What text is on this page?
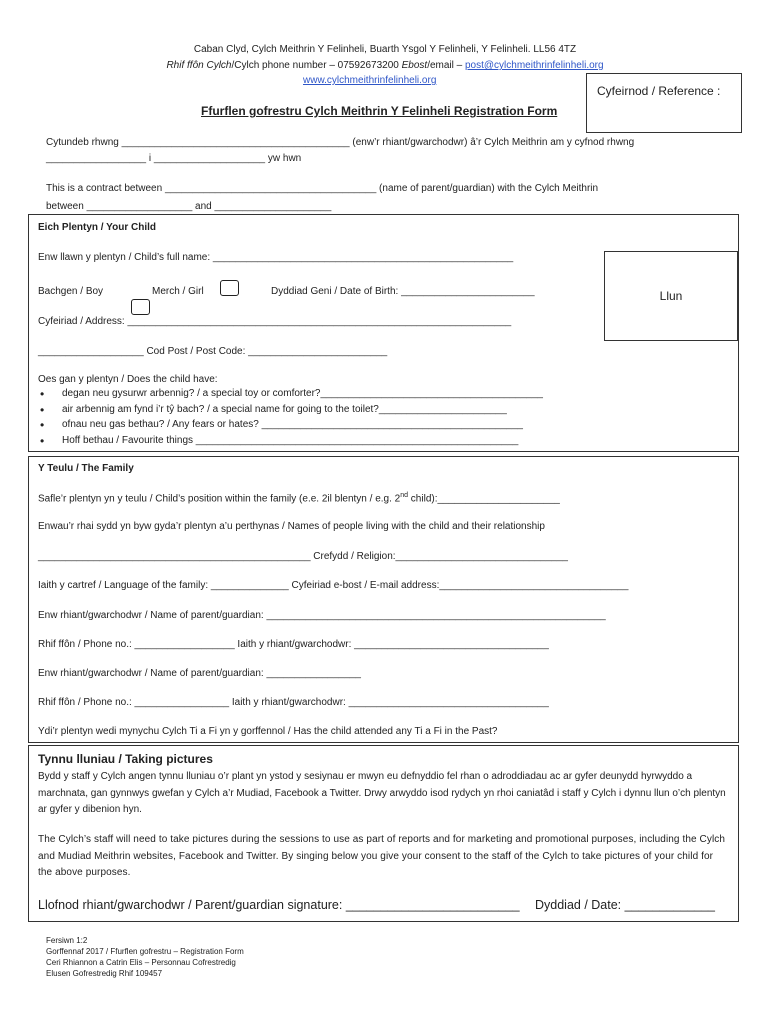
Caban Clyd, Cylch Meithrin Y Felinheli, Buarth Ysgol Y Felinheli, Y Felinheli. LL56 4TZ
Rhif ffôn Cylch/Cylch phone number – 07592673200 Ebost/email – post@cylchmeithrinfelinheli.org
www.cylchmeithrinfelinheli.org
Cyfeirnod / Reference :
Ffurflen gofrestru Cylch Meithrin Y Felinheli Registration Form
Cytundeb rhwng _________________________________________ (enw’r rhiant/gwarchodwr) â’r Cylch Meithrin am y cyfnod rhwng
__________________ i ____________________ yw hwn
This is a contract between ______________________________________ (name of parent/guardian) with the Cylch Meithrin
between ___________________ and _____________________
Eich Plentyn / Your Child
Enw llawn y plentyn / Child’s full name: ______________________________________________________
Bachgen / Boy	Merch / Girl	Dyddiad Geni / Date of Birth: ________________________	Llun
Cyfeiriad / Address: _____________________________________________________________________
___________________ Cod Post / Post Code: _________________________
Oes gan y plentyn / Does the child have:
• degan neu gysurwr arbennig? / a special toy or comforter?________________________________________
• air arbennig am fynd i’r tŷ bach? / a special name for going to the toilet?_______________________
• ofnau neu gas bethau? / Any fears or hates? _______________________________________________
• Hoff bethau / Favourite things __________________________________________________________
Y Teulu / The Family
Safle’r plentyn yn y teulu / Child’s position within the family (e.e. 2il blentyn / e.g. 2nd child):______________________
Enwau’r rhai sydd yn byw gyda’r plentyn a’u perthynas / Names of people living with the child and their relationship
_________________________________________________ Crefydd / Religion:_______________________________
Iaith y cartref / Language of the family: ______________ Cyfeiriad e-bost / E-mail address:__________________________________
Enw rhiant/gwarchodwr / Name of parent/guardian: _____________________________________________________________
Rhif ffôn / Phone no.: __________________ Iaith y rhiant/gwarchodwr: ___________________________________
Enw rhiant/gwarchodwr / Name of parent/guardian: _________________
Rhif ffôn / Phone no.: _________________ Iaith y rhiant/gwarchodwr: ____________________________________
Ydi’r plentyn wedi mynychu Cylch Ti a Fi yn y gorffennol / Has the child attended any Ti a Fi in the Past?
Tynnu lluniau / Taking pictures
Bydd y staff y Cylch angen tynnu lluniau o’r plant yn ystod y sesiynau er mwyn eu defnyddio fel rhan o adroddiadau ac ar gyfer deunydd hyrwyddo a marchnata, gan gynnwys gwefan y Cylch a’r Mudiad, Facebook a Twitter. Drwy arwyddo isod rydych yn rhoi caniatâd i staff y Cylch i dynnu llun o’ch plentyn ar gyfer y dibenion hyn.
The Cylch’s staff will need to take pictures during the sessions to use as part of reports and for marketing and promotional purposes, including the Cylch and Mudiad Meithrin websites, Facebook and Twitter. By singing below you give your consent to the staff of the Cylch to take pictures of your child for the above purposes.
Llofnod rhiant/gwarchodwr / Parent/guardian signature: _________________________ Dyddiad / Date: _____________
Fersiwn 1:2
Gorffennaf 2017 / Ffurflen gofrestru – Registration Form
Ceri Rhiannon a Catrin Elis – Personnau Cofrestredig
Elusen Gofrestredig Rhif 109457
